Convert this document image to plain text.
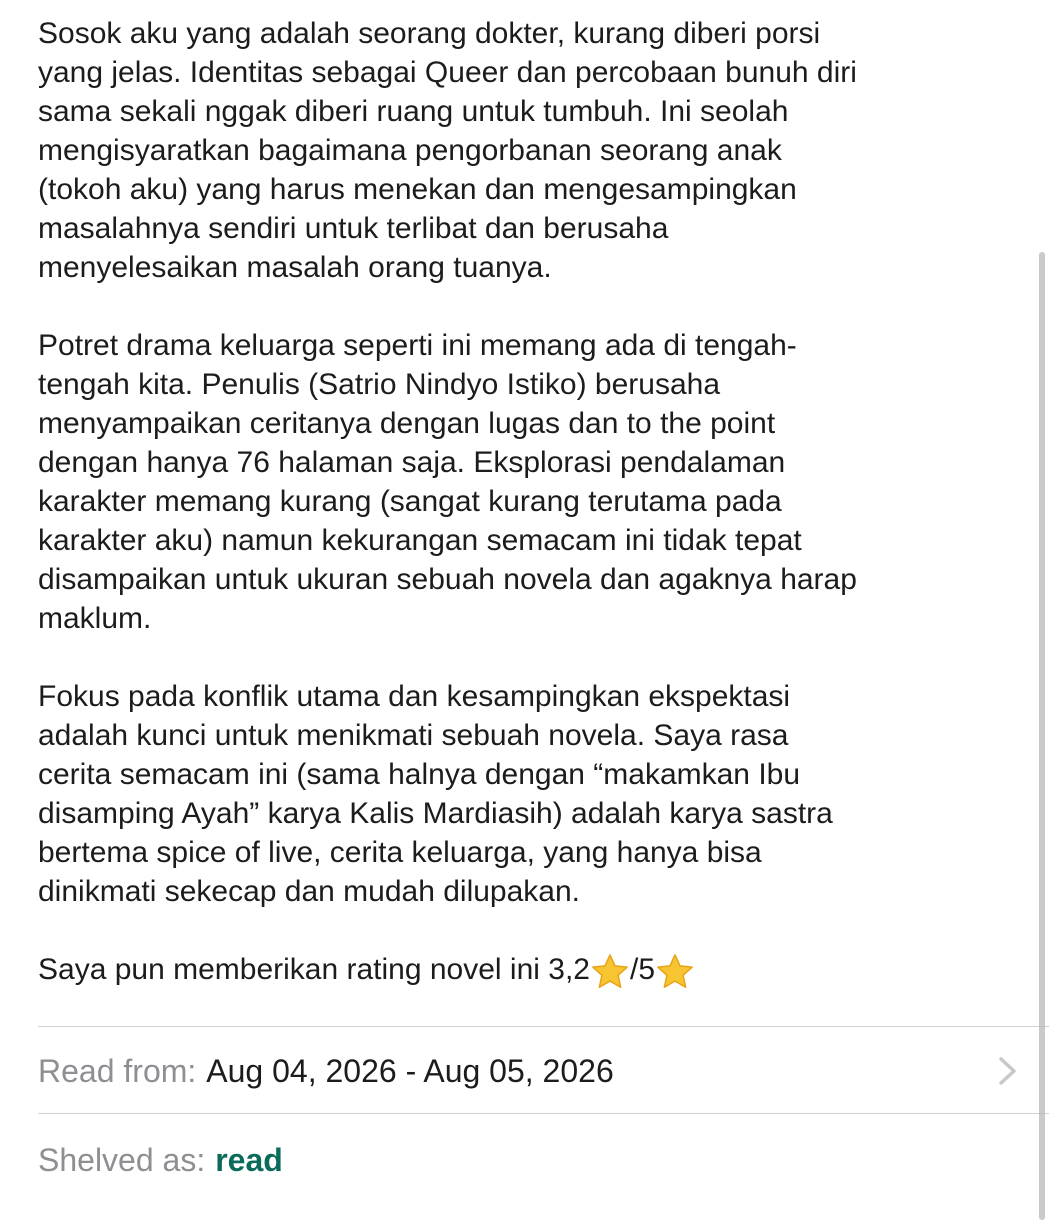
Sosok aku yang adalah seorang dokter, kurang diberi porsi
yang jelas. Identitas sebagai Queer dan percobaan bunuh diri
sama sekali nggak diberi ruang untuk tumbuh. Ini seolah
mengisyaratkan bagaimana pengorbanan seorang anak
(tokoh aku) yang harus menekan dan mengesampingkan
masalahnya sendiri untuk terlibat dan berusaha
menyelesaikan masalah orang tuanya.

Potret drama keluarga seperti ini memang ada di tengah-
tengah kita. Penulis (Satrio Nindyo Istiko) berusaha
menyampaikan ceritanya dengan lugas dan to the point
dengan hanya 76 halaman saja. Eksplorasi pendalaman
karakter memang kurang (sangat kurang terutama pada
karakter aku) namun kekurangan semacam ini tidak tepat
disampaikan untuk ukuran sebuah novela dan agaknya harap
maklum.

Fokus pada konflik utama dan kesampingkan ekspektasi
adalah kunci untuk menikmati sebuah novela. Saya rasa
cerita semacam ini (sama halnya dengan “makamkan Ibu
disamping Ayah” karya Kalis Mardiasih) adalah karya sastra
bertema spice of live, cerita keluarga, yang hanya bisa
dinikmati sekecap dan mudah dilupakan.

Saya pun memberikan rating novel ini 3,2 /5

Read from: Aug 04, 2026 - Aug 05, 2026
Shelved as: read
